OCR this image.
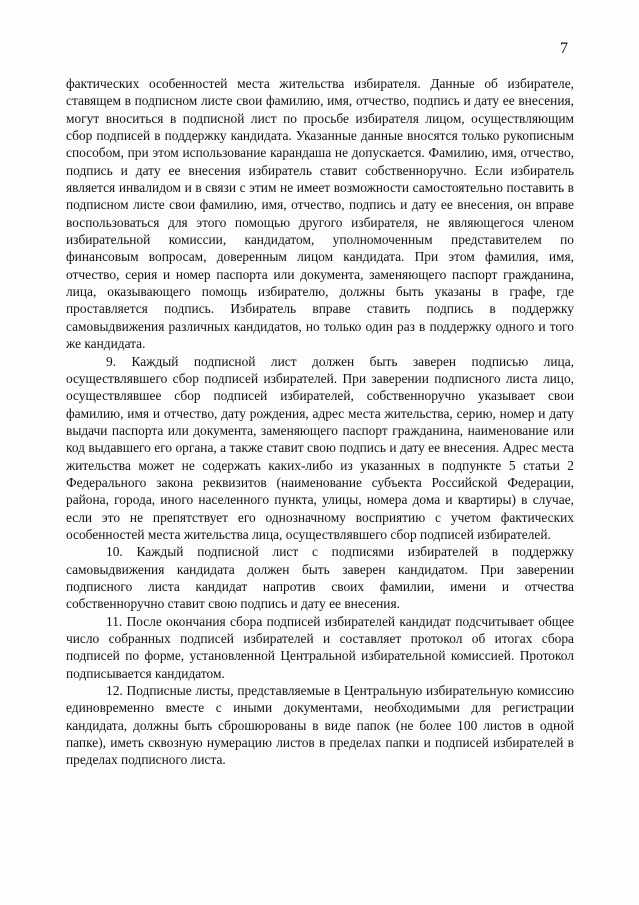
7

фактических особенностей места жительства избирателя. Данные об избирателе, ставящем в подписном листе свои фамилию, имя, отчество, подпись и дату ее внесения, могут вноситься в подписной лист по просьбе избирателя лицом, осуществляющим сбор подписей в поддержку кандидата. Указанные данные вносятся только рукописным способом, при этом использование карандаша не допускается. Фамилию, имя, отчество, подпись и дату ее внесения избиратель ставит собственноручно. Если избиратель является инвалидом и в связи с этим не имеет возможности самостоятельно поставить в подписном листе свои фамилию, имя, отчество, подпись и дату ее внесения, он вправе воспользоваться для этого помощью другого избирателя, не являющегося членом избирательной комиссии, кандидатом, уполномоченным представителем по финансовым вопросам, доверенным лицом кандидата. При этом фамилия, имя, отчество, серия и номер паспорта или документа, заменяющего паспорт гражданина, лица, оказывающего помощь избирателю, должны быть указаны в графе, где проставляется подпись. Избиратель вправе ставить подпись в поддержку самовыдвижения различных кандидатов, но только один раз в поддержку одного и того же кандидата.

9. Каждый подписной лист должен быть заверен подписью лица, осуществлявшего сбор подписей избирателей. При заверении подписного листа лицо, осуществлявшее сбор подписей избирателей, собственноручно указывает свои фамилию, имя и отчество, дату рождения, адрес места жительства, серию, номер и дату выдачи паспорта или документа, заменяющего паспорт гражданина, наименование или код выдавшего его органа, а также ставит свою подпись и дату ее внесения. Адрес места жительства может не содержать каких-либо из указанных в подпункте 5 статьи 2 Федерального закона реквизитов (наименование субъекта Российской Федерации, района, города, иного населенного пункта, улицы, номера дома и квартиры) в случае, если это не препятствует его однозначному восприятию с учетом фактических особенностей места жительства лица, осуществлявшего сбор подписей избирателей.

10. Каждый подписной лист с подписями избирателей в поддержку самовыдвижения кандидата должен быть заверен кандидатом. При заверении подписного листа кандидат напротив своих фамилии, имени и отчества собственноручно ставит свою подпись и дату ее внесения.

11. После окончания сбора подписей избирателей кандидат подсчитывает общее число собранных подписей избирателей и составляет протокол об итогах сбора подписей по форме, установленной Центральной избирательной комиссией. Протокол подписывается кандидатом.

12. Подписные листы, представляемые в Центральную избирательную комиссию единовременно вместе с иными документами, необходимыми для регистрации кандидата, должны быть сброшюрованы в виде папок (не более 100 листов в одной папке), иметь сквозную нумерацию листов в пределах папки и подписей избирателей в пределах подписного листа.
